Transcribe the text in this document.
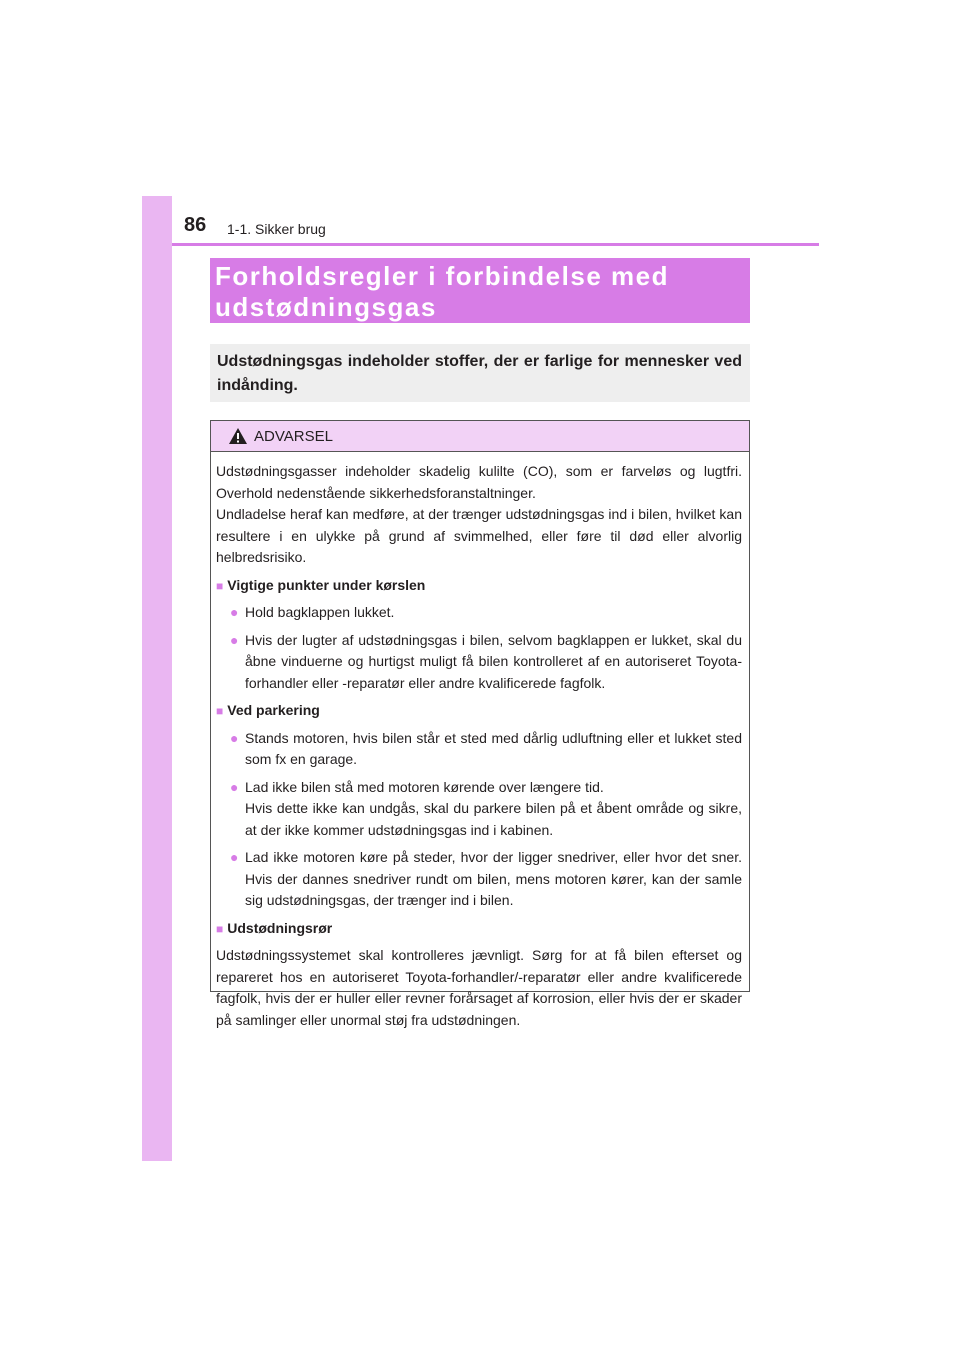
86 1-1. Sikker brug
Forholdsregler i forbindelse med
udstødningsgas

Udstødningsgas indeholder stoffer, der er farlige for mennesker ved indånding.

ADVARSEL

Udstødningsgasser indeholder skadelig kulilte (CO), som er farveløs og lugtfri. Overhold nedenstående sikkerhedsforanstaltninger.

Undladelse heraf kan medføre, at der trænger udstødningsgas ind i bilen, hvilket kan resultere i en ulykke på grund af svimmelhed, eller føre til død eller alvorlig helbredsrisiko.

■ Vigtige punkter under kørslen
● Hold bagklappen lukket.

● Hvis der lugter af udstødningsgas i bilen, selvom bagklappen er lukket, skal du åbne vinduerne og hurtigst muligt få bilen kontrolleret af en autoriseret Toyota-forhandler eller -reparatør eller andre kvalificerede fagfolk.

■ Ved parkering
● Stands motoren, hvis bilen står et sted med dårlig udluftning eller et lukket sted som fx en garage.

● Lad ikke bilen stå med motoren kørende over længere tid.

Hvis dette ikke kan undgås, skal du parkere bilen på et åbent område og sikre, at der ikke kommer udstødningsgas ind i kabinen.

● Lad ikke motoren køre på steder, hvor der ligger snedriver, eller hvor det sner. Hvis der dannes snedriver rundt om bilen, mens motoren kører, kan der samle sig udstødningsgas, der trænger ind i bilen.

■ Udstødningsrør

Udstødningssystemet skal kontrolleres jævnligt. Sørg for at få bilen efterset og repareret hos en autoriseret Toyota-forhandler/-reparatør eller andre kvalificerede fagfolk, hvis der er huller eller revner forårsaget af korrosion, eller hvis der er skader på samlinger eller unormal støj fra udstødningen.
